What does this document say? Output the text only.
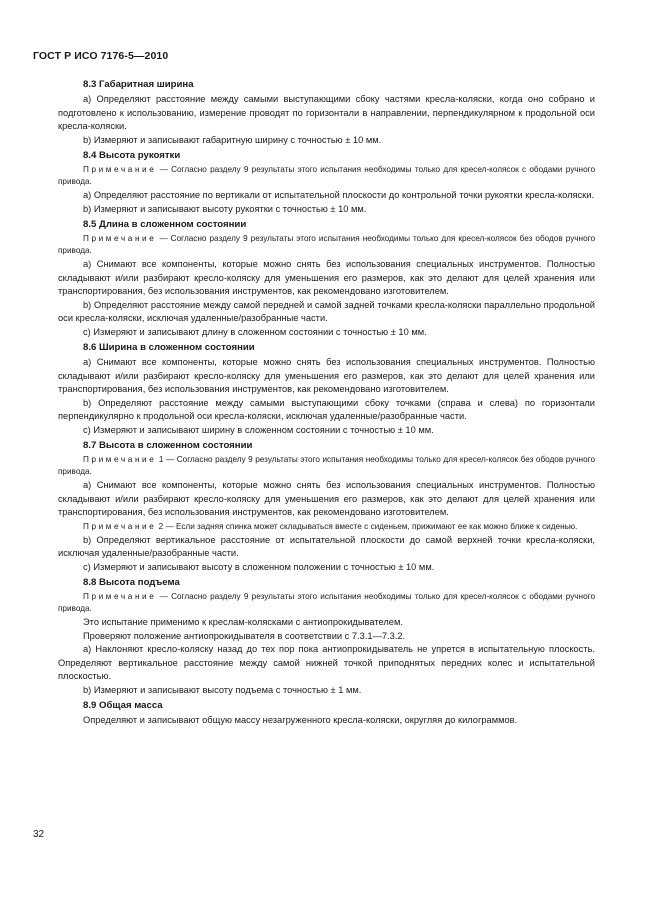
ГОСТ Р ИСО 7176-5—2010
8.3 Габаритная ширина

a) Определяют расстояние между самыми выступающими сбоку частями кресла-коляски, когда оно собрано и подготовлено к использованию, измерение проводят по горизонтали в направлении, перпендикулярном к продольной оси кресла-коляски.

b) Измеряют и записывают габаритную ширину с точностью ± 10 мм.

8.4 Высота рукоятки

Примечание — Согласно разделу 9 результаты этого испытания необходимы только для кресел-колясок с ободами ручного привода.

a) Определяют расстояние по вертикали от испытательной плоскости до контрольной точки рукоятки кресла-коляски.

b) Измеряют и записывают высоту рукоятки с точностью ± 10 мм.

8.5 Длина в сложенном состоянии

Примечание — Согласно разделу 9 результаты этого испытания необходимы только для кресел-колясок без ободов ручного привода.

a) Снимают все компоненты, которые можно снять без использования специальных инструментов. Полностью складывают и/или разбирают кресло-коляску для уменьшения его размеров, как это делают для целей хранения или транспортирования, без использования инструментов, как рекомендовано изготовителем.

b) Определяют расстояние между самой передней и самой задней точками кресла-коляски параллельно продольной оси кресла-коляски, исключая удаленные/разобранные части.

c) Измеряют и записывают длину в сложенном состоянии с точностью ± 10 мм.

8.6 Ширина в сложенном состоянии

a) Снимают все компоненты, которые можно снять без использования специальных инструментов. Полностью складывают и/или разбирают кресло-коляску для уменьшения его размеров, как это делают для целей хранения или транспортирования, без использования инструментов, как рекомендовано изготовителем.

b) Определяют расстояние между самыми выступающими сбоку точками (справа и слева) по горизонтали перпендикулярно к продольной оси кресла-коляски, исключая удаленные/разобранные части.

c) Измеряют и записывают ширину в сложенном состоянии с точностью ± 10 мм.

8.7 Высота в сложенном состоянии

Примечание 1 — Согласно разделу 9 результаты этого испытания необходимы только для кресел-колясок без ободов ручного привода.

a) Снимают все компоненты, которые можно снять без использования специальных инструментов. Полностью складывают и/или разбирают кресло-коляску для уменьшения его размеров, как это делают для целей хранения или транспортирования, без использования инструментов, как рекомендовано изготовителем.

Примечание 2 — Если задняя спинка может складываться вместе с сиденьем, прижимают ее как можно ближе к сиденью.

b) Определяют вертикальное расстояние от испытательной плоскости до самой верхней точки кресла-коляски, исключая удаленные/разобранные части.

c) Измеряют и записывают высоту в сложенном положении с точностью ± 10 мм.

8.8 Высота подъема

Примечание — Согласно разделу 9 результаты этого испытания необходимы только для кресел-колясок с ободами ручного привода.

Это испытание применимо к креслам-колясками с антиопрокидывателем.

Проверяют положение антиопрокидывателя в соответствии с 7.3.1—7.3.2.

a) Наклоняют кресло-коляску назад до тех пор пока антиопрокидыватель не упрется в испытательную плоскость. Определяют вертикальное расстояние между самой нижней точкой приподнятых передних колес и испытательной плоскостью.

b) Измеряют и записывают высоту подъема с точностью ± 1 мм.

8.9 Общая масса

Определяют и записывают общую массу незагруженного кресла-коляски, округляя до килограммов.

32
